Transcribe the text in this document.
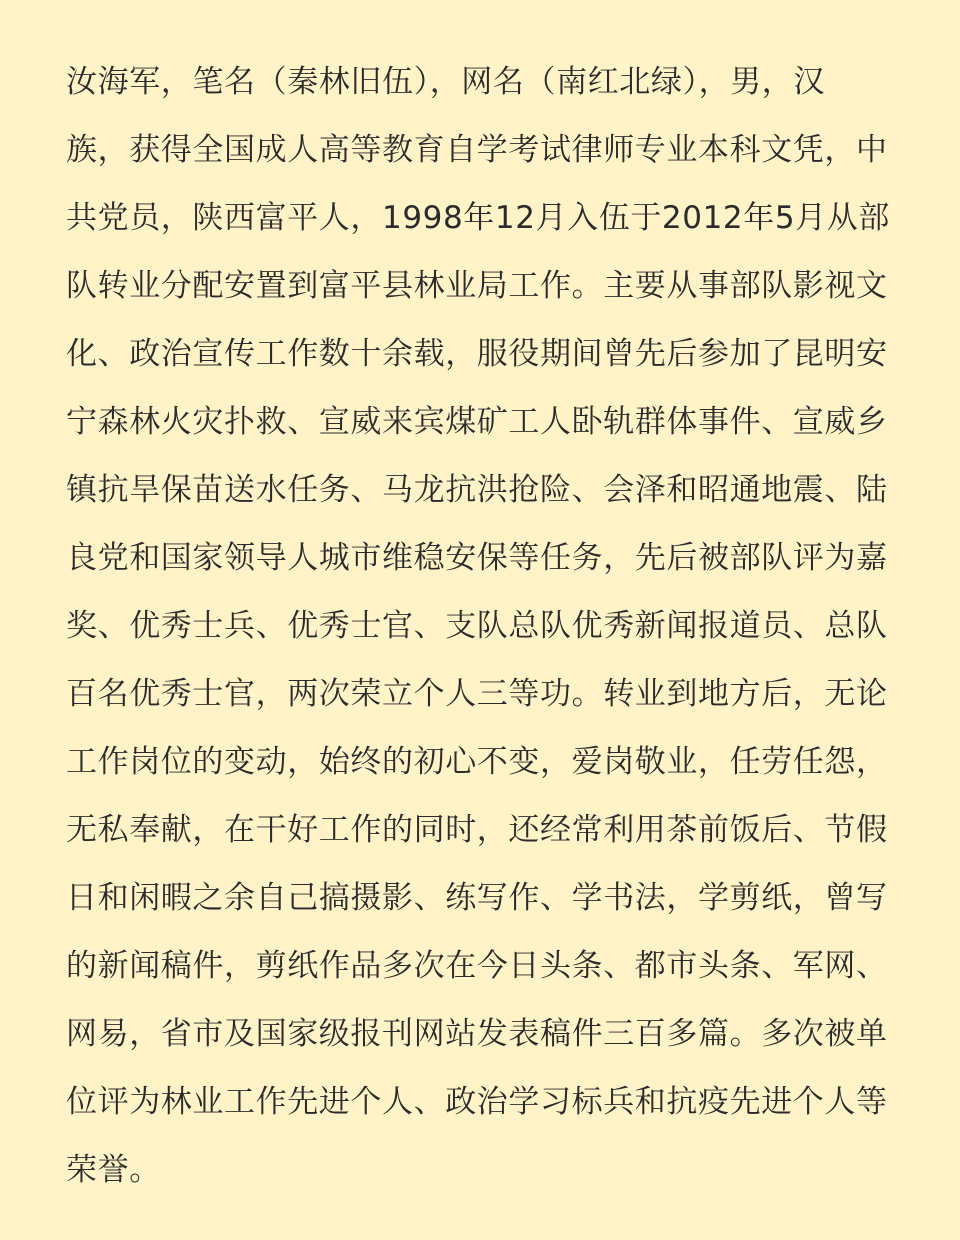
汝海军，笔名（秦林旧伍），网名（南红北绿），男，汉
族，获得全国成人高等教育自学考试律师专业本科文凭，中
共党员，陕西富平人，1998年12月入伍于2012年5月从部
队转业分配安置到富平县林业局工作。主要从事部队影视文
化、政治宣传工作数十余载，服役期间曾先后参加了昆明安
宁森林火灾扑救、宣威来宾煤矿工人卧轨群体事件、宣威乡
镇抗旱保苗送水任务、马龙抗洪抢险、会泽和昭通地震、陆
良党和国家领导人城市维稳安保等任务，先后被部队评为嘉
奖、优秀士兵、优秀士官、支队总队优秀新闻报道员、总队
百名优秀士官，两次荣立个人三等功。转业到地方后，无论
工作岗位的变动，始终的初心不变，爱岗敬业，任劳任怨，
无私奉献，在干好工作的同时，还经常利用茶前饭后、节假
日和闲暇之余自己搞摄影、练写作、学书法，学剪纸，曾写
的新闻稿件，剪纸作品多次在今日头条、都市头条、军网、
网易，省市及国家级报刊网站发表稿件三百多篇。多次被单
位评为林业工作先进个人、政治学习标兵和抗疫先进个人等
荣誉。
